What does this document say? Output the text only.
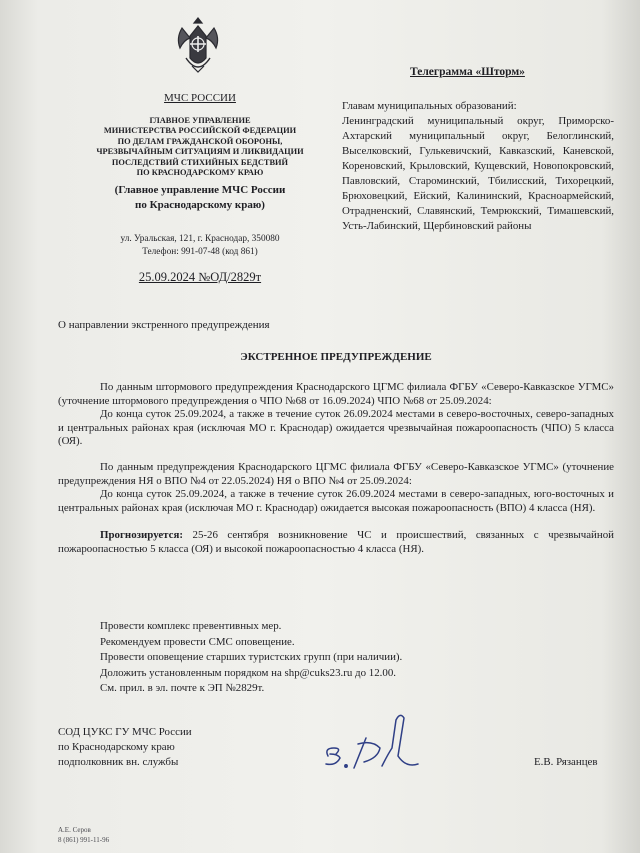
МЧС РОССИИ
ГЛАВНОЕ УПРАВЛЕНИЕ
МИНИСТЕРСТВА РОССИЙСКОЙ ФЕДЕРАЦИИ
ПО ДЕЛАМ ГРАЖДАНСКОЙ ОБОРОНЫ,
ЧРЕЗВЫЧАЙНЫМ СИТУАЦИЯМ И ЛИКВИДАЦИИ
ПОСЛЕДСТВИЙ СТИХИЙНЫХ БЕДСТВИЙ
ПО КРАСНОДАРСКОМУ КРАЮ
(Главное управление МЧС России
по Краснодарскому краю)
ул. Уральская, 121, г. Краснодар, 350080
Телефон: 991-07-48 (код 861)
25.09.2024 №ОД/2829т
Телеграмма «Шторм»
Главам муниципальных образований:
Ленинградский муниципальный округ, Приморско-Ахтарский муниципальный округ, Белоглинский, Выселковский, Гулькевичский, Кавказский, Каневской, Кореновский, Крыловский, Кущевский, Новопокровский, Павловский, Староминский, Тбилисский, Тихорецкий, Брюховецкий, Ейский, Калининский, Красноармейский, Отрадненский, Славянский, Темрюкский, Тимашевский, Усть-Лабинский, Щербиновский районы
О направлении экстренного предупреждения
ЭКСТРЕННОЕ ПРЕДУПРЕЖДЕНИЕ

По данным штормового предупреждения Краснодарского ЦГМС филиала ФГБУ «Северо-Кавказское УГМС» (уточнение штормового предупреждения о ЧПО №68 от 16.09.2024) ЧПО №68 от 25.09.2024:

До конца суток 25.09.2024, а также в течение суток 26.09.2024 местами в северо-восточных, северо-западных и центральных районах края (исключая МО г. Краснодар) ожидается чрезвычайная пожароопасность (ЧПО) 5 класса (ОЯ).

По данным предупреждения Краснодарского ЦГМС филиала ФГБУ «Северо-Кавказское УГМС» (уточнение предупреждения НЯ о ВПО №4 от 22.05.2024) НЯ о ВПО №4 от 25.09.2024:

До конца суток 25.09.2024, а также в течение суток 26.09.2024 местами в северо-западных, юго-восточных и центральных районах края (исключая МО г. Краснодар) ожидается высокая пожароопасность (ВПО) 4 класса (НЯ).

Прогнозируется: 25-26 сентября возникновение ЧС и происшествий, связанных с чрезвычайной пожароопасностью 5 класса (ОЯ) и высокой пожароопасностью 4 класса (НЯ).

Провести комплекс превентивных мер.
Рекомендуем провести СМС оповещение.
Провести оповещение старших туристских групп (при наличии).
Доложить установленным порядком на shp@cuks23.ru до 12.00.
См. прил. в эл. почте к ЭП №2829т.
СОД ЦУКС ГУ МЧС России
по Краснодарскому краю
подполковник вн. службы	Е.В. Рязанцев
А.Е. Серов
8 (861) 991-11-96
